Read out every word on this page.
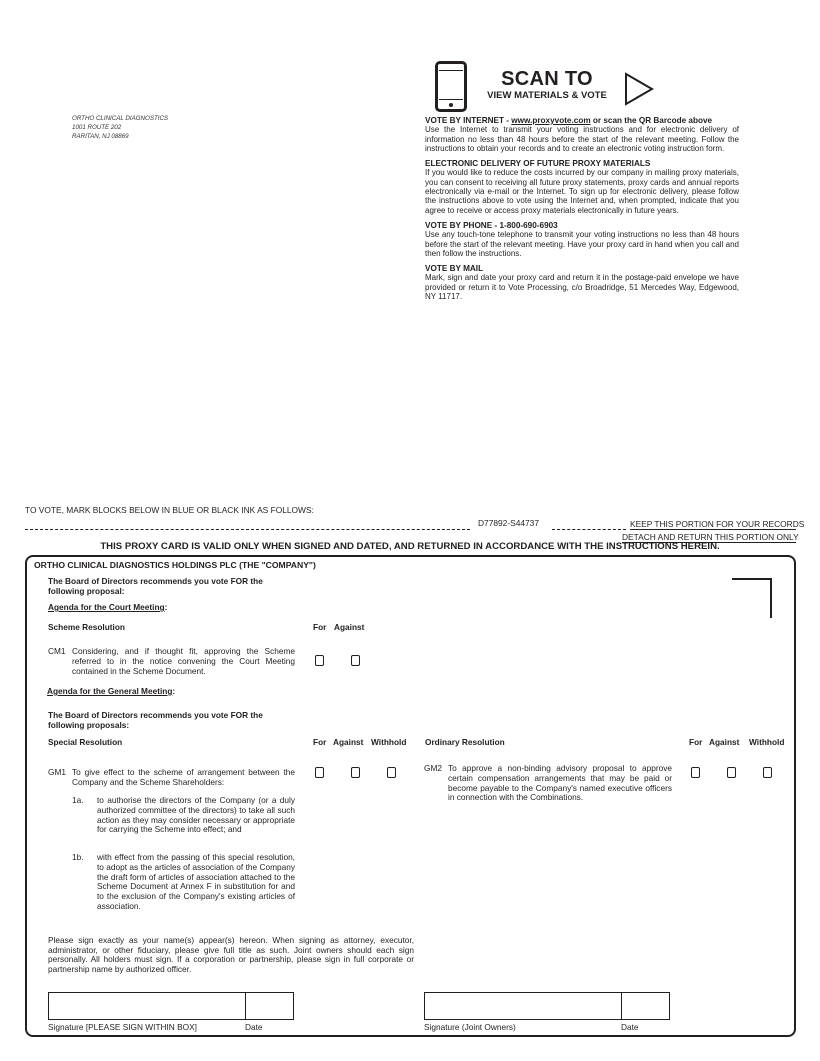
ORTHO CLINICAL DIAGNOSTICS
1001 ROUTE 202
RARITAN, NJ 08869
SCAN TO
VIEW MATERIALS & VOTE
VOTE BY INTERNET - www.proxyvote.com or scan the QR Barcode above

Use the Internet to transmit your voting instructions and for electronic delivery of information no less than 48 hours before the start of the relevant meeting. Follow the instructions to obtain your records and to create an electronic voting instruction form.

ELECTRONIC DELIVERY OF FUTURE PROXY MATERIALS

If you would like to reduce the costs incurred by our company in mailing proxy materials, you can consent to receiving all future proxy statements, proxy cards and annual reports electronically via e-mail or the Internet. To sign up for electronic delivery, please follow the instructions above to vote using the Internet and, when prompted, indicate that you agree to receive or access proxy materials electronically in future years.

VOTE BY PHONE - 1-800-690-6903

Use any touch-tone telephone to transmit your voting instructions no less than 48 hours before the start of the relevant meeting. Have your proxy card in hand when you call and then follow the instructions.

VOTE BY MAIL

Mark, sign and date your proxy card and return it in the postage-paid envelope we have provided or return it to Vote Processing, c/o Broadridge, 51 Mercedes Way, Edgewood, NY 11717.

TO VOTE, MARK BLOCKS BELOW IN BLUE OR BLACK INK AS FOLLOWS:
D77892-S44737	KEEP THIS PORTION FOR YOUR RECORDS
DETACH AND RETURN THIS PORTION ONLY
THIS PROXY CARD IS VALID ONLY WHEN SIGNED AND DATED, AND RETURNED IN ACCORDANCE WITH THE INSTRUCTIONS HEREIN.
ORTHO CLINICAL DIAGNOSTICS HOLDINGS PLC (THE "COMPANY")
The Board of Directors recommends you vote FOR the following proposal:
Agenda for the Court Meeting:
Scheme Resolution	For Against
CM1 Considering, and if thought fit, approving the Scheme referred to in the notice convening the Court Meeting contained in the Scheme Document.
Agenda for the General Meeting:
The Board of Directors recommends you vote FOR the following proposals:
Special Resolution	For Against Withhold Ordinary Resolution	For Against Withhold
GM1 To give effect to the scheme of arrangement between the Company and the Scheme Shareholders:
1a.	to authorise the directors of the Company (or a duly authorized committee of the directors) to take all such action as they may consider necessary or appropriate for carrying the Scheme into effect; and
1b.	with effect from the passing of this special resolution, to adopt as the articles of association of the Company the draft form of articles of association attached to the Scheme Document at Annex F in substitution for and to the exclusion of the Company's existing articles of association.
GM2 To approve a non-binding advisory proposal to approve certain compensation arrangements that may be paid or become payable to the Company's named executive officers in connection with the Combinations.
Please sign exactly as your name(s) appear(s) hereon. When signing as attorney, executor, administrator, or other fiduciary, please give full title as such. Joint owners should each sign personally. All holders must sign. If a corporation or partnership, please sign in full corporate or partnership name by authorized officer.
Signature [PLEASE SIGN WITHIN BOX]	Date	Signature (Joint Owners)	Date
